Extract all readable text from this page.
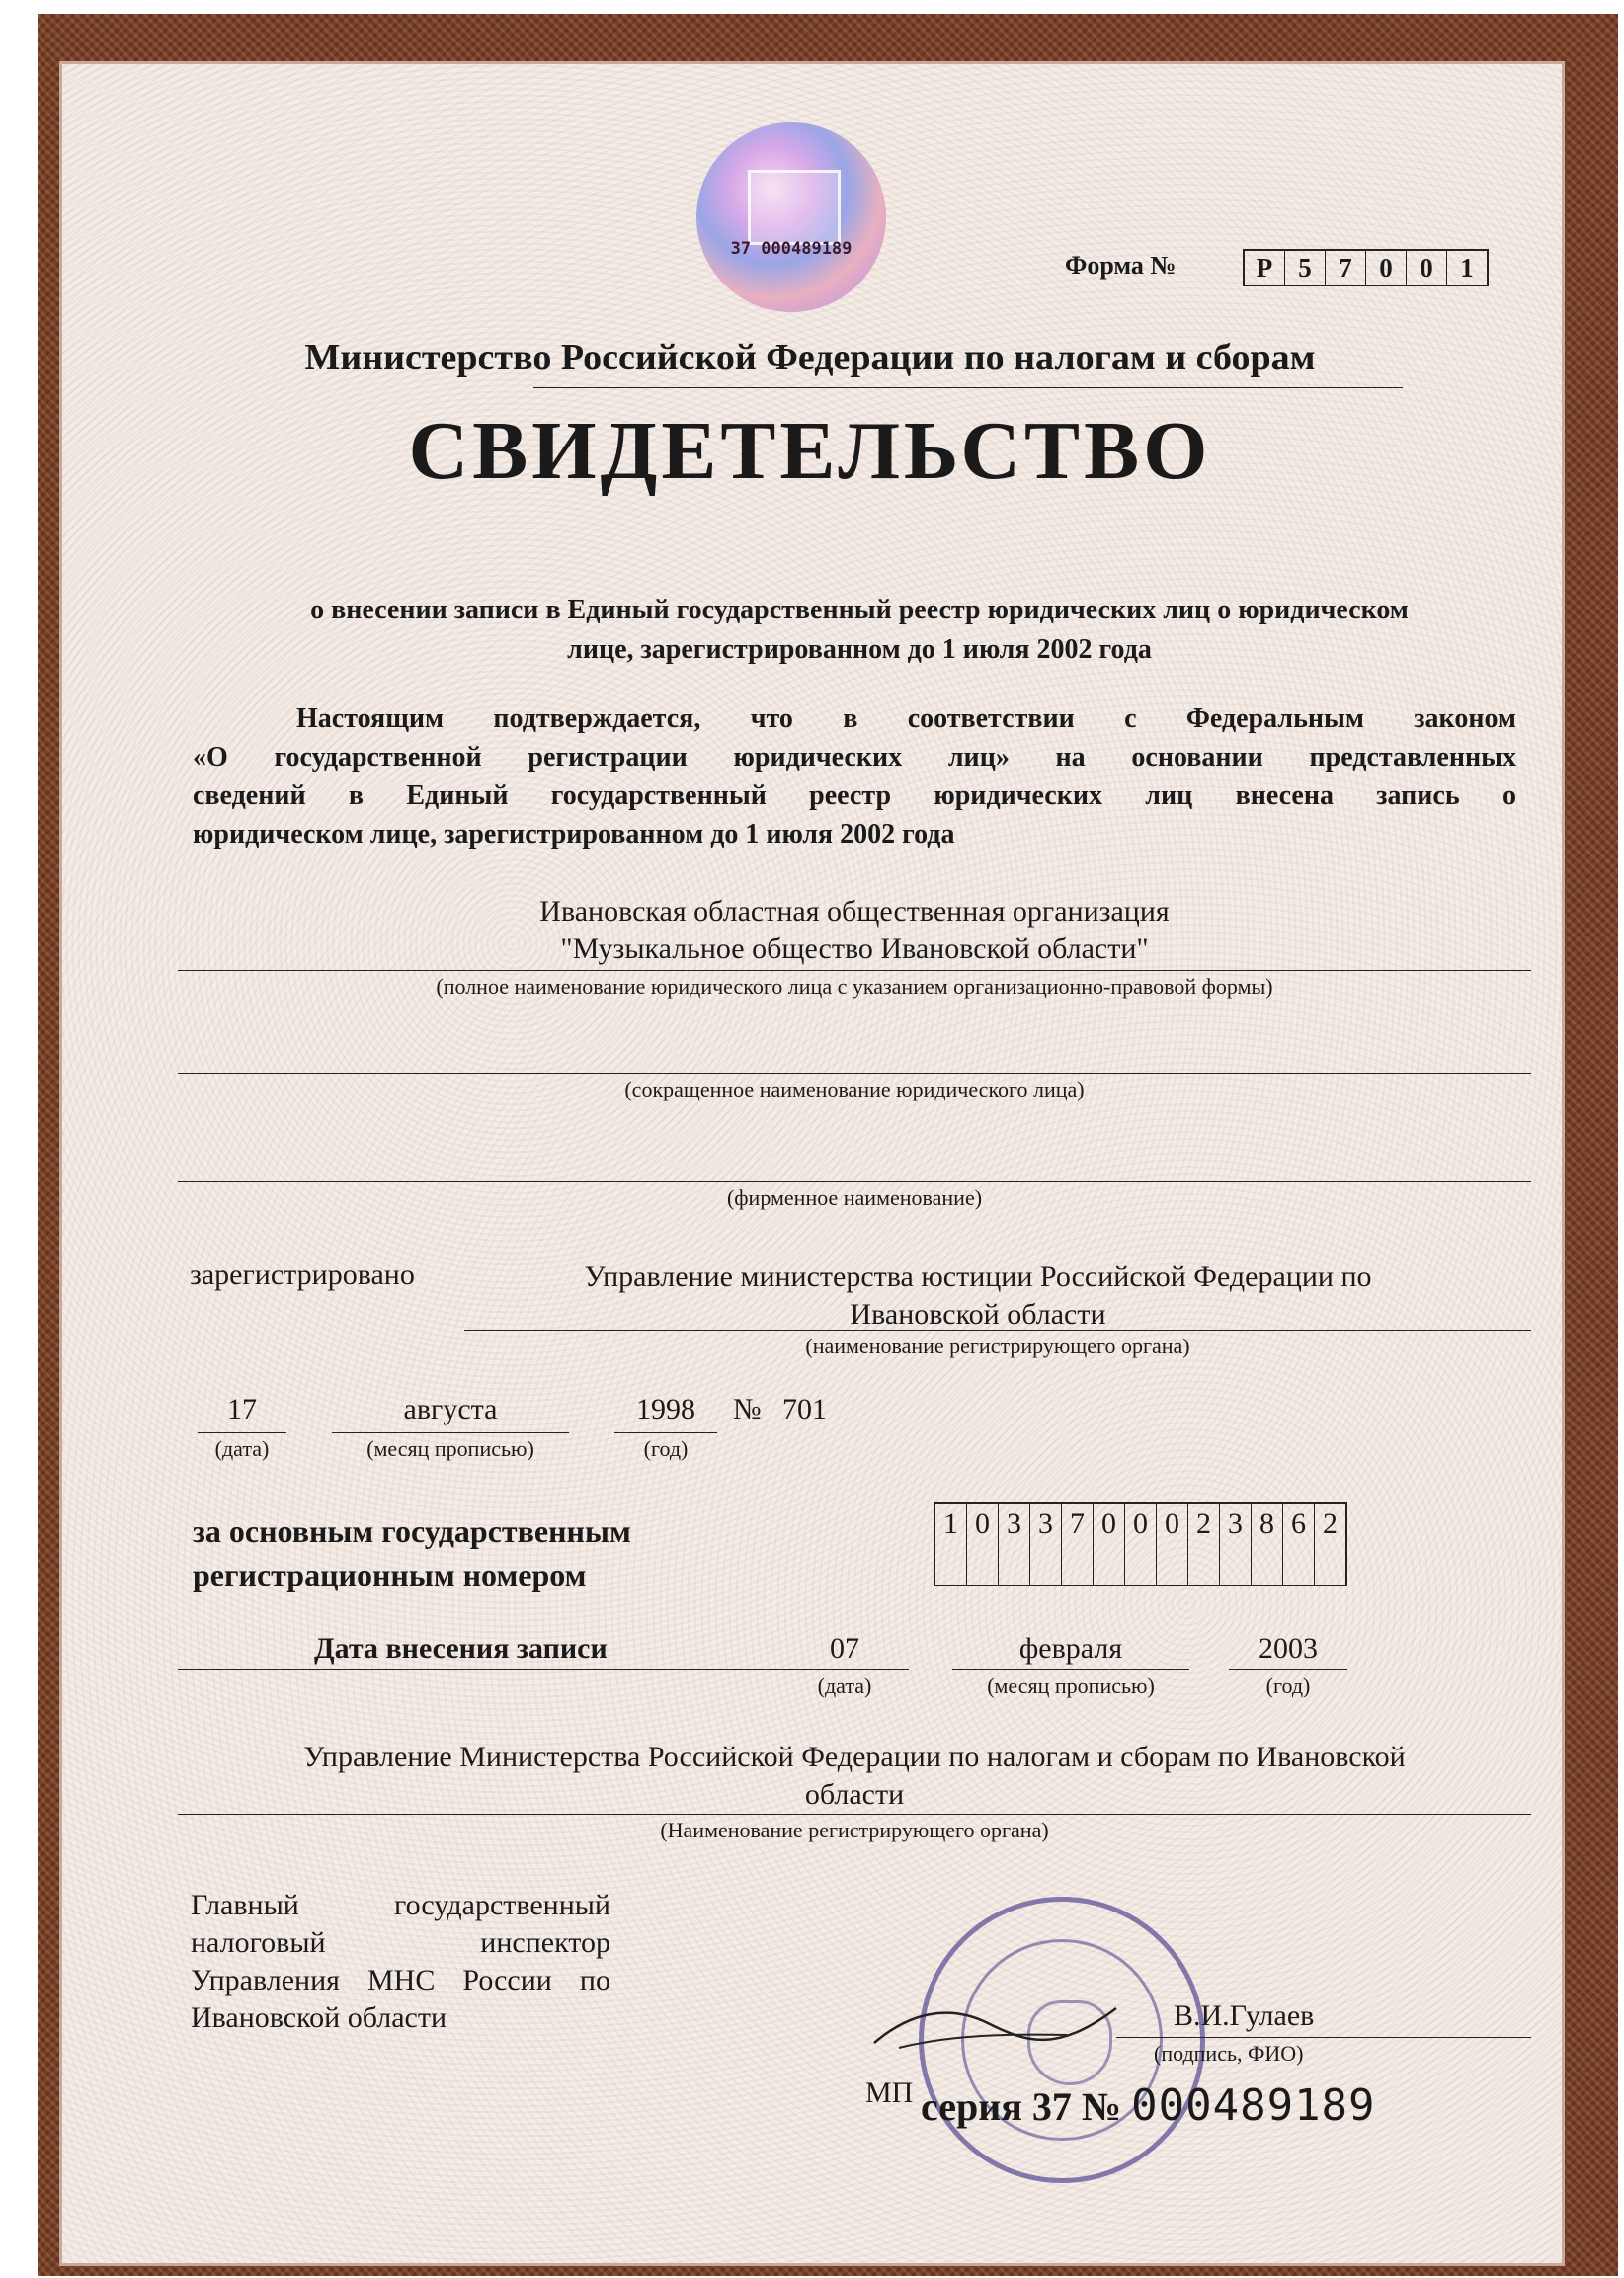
37 000489189
Форма №	Р 5	7	0	0	1
Министерство Российской Федерации по налогам и сборам
СВИДЕТЕЛЬСТВО
о внесении записи в Единый государственный реестр юридических лиц о юридическом
лице, зарегистрированном до 1 июля 2002 года
Настоящим подтверждается, что в соответствии с Федеральным законом
«О государственной регистрации юридических лиц» на основании представленных
сведений в Единый государственный реестр юридических лиц внесена запись о
юридическом лице, зарегистрированном до 1 июля 2002 года
Ивановская областная общественная организация
"Музыкальное общество Ивановской области"
(полное наименование юридического лица с указанием организационно-правовой формы)
(сокращенное наименование юридического лица)
(фирменное наименование)
зарегистрировано	Управление министерства юстиции Российской Федерации по
Ивановской области
(наименование регистрирующего органа)
17
(дата)
августа
(месяц прописью)
1998
(год)
№ 701
за основным государственным
регистрационным номером
1 0 3 3 7 0 0 0 2 3 8 6 2
Дата внесения записи	07
(дата)
февраля
(месяц прописью)
2003
(год)
Управление Министерства Российской Федерации по налогам и сборам по Ивановской
области
(Наименование регистрирующего органа)
Главный государственный
налоговый инспектор
Управления МНС России по
Ивановской области	В.И.Гулаев
(подпись, ФИО)
МП серия 37 № 000489189
